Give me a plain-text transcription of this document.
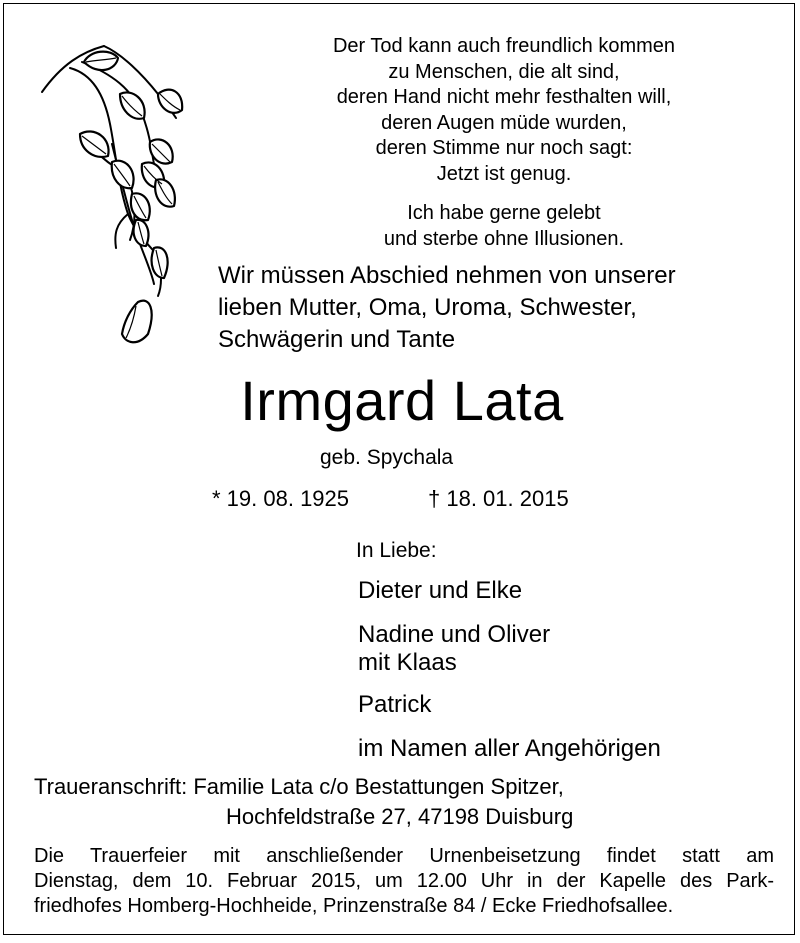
Der Tod kann auch freundlich kommen
zu Menschen, die alt sind,
deren Hand nicht mehr festhalten will,
deren Augen müde wurden,
deren Stimme nur noch sagt:
Jetzt ist genug.
Ich habe gerne gelebt
und sterbe ohne Illusionen.
Wir müssen Abschied nehmen von unserer
lieben Mutter, Oma, Uroma, Schwester,
Schwägerin und Tante
Irmgard Lata
geb. Spychala
* 19. 08. 1925	† 18. 01. 2015
In Liebe:
Dieter und Elke
Nadine und Oliver
mit Klaas
Patrick
im Namen aller Angehörigen
Traueranschrift: Familie Lata c/o Bestattungen Spitzer,
Hochfeldstraße 27, 47198 Duisburg
Die Trauerfeier mit anschließender Urnenbeisetzung findet statt am
Dienstag, dem 10. Februar 2015, um 12.00 Uhr in der Kapelle des Park-
friedhofes Homberg-Hochheide, Prinzenstraße 84 / Ecke Friedhofsallee.
